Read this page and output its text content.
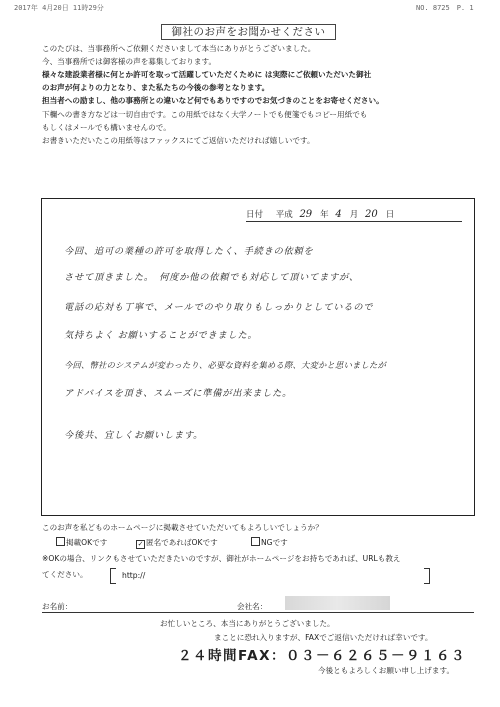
2017年 4月20日 11時29分	NO. 8725　P. 1
御社のお声をお聞かせください
このたびは、当事務所へご依頼くださいまして本当にありがとうございました。
今、当事務所では御客様の声を募集しております。
様々な建設業者様に何とか許可を取って活躍していただくために は実際にご依頼いただいた御社
のお声が何よりの力となり、また私たちの今後の参考となります。
担当者への励まし、他の事務所との違いなど何でもありですのでお気づきのことをお寄せください。
下欄への書き方などは一切自由です。この用紙ではなく大学ノートでも便箋でもコピー用紙でも
もしくはメールでも構いませんので。
お書きいただいたこの用紙等はファックスにてご返信いただければ嬉しいです。
日付 平成 29 年 4 月 20 日
今回、追可の業種の許可を取得したく、手続きの依頼を
させて頂きました。　何度か他の依頼でも対応して頂いてますが、
電話の応対も丁寧で、メールでのやり取りもしっかりとしているので
気持ちよく お願いすることができました。
今回、幣社のシステムが変わったり、必要な資料を集める際、大変かと思いましたが
アドバイスを頂き、スムーズに準備が出来ました。
今後共、宜しくお願いします。
このお声を私どものホームページに掲載させていただいてもよろしいでしょうか？
掲載OKです	✓ 匿名であればOKです	NGです
※OKの場合、リンクもさせていただきたいのですが、御社がホームページをお持ちであれば、URLも教え
てください。	http://
お名前：	会社名：
お忙しいところ、本当にありがとうございました。
まことに恐れ入りますが、FAXでご返信いただければ幸いです。
２４時間FAX：０３－６２６５－９１６３
今後ともよろしくお願い申し上げます。
